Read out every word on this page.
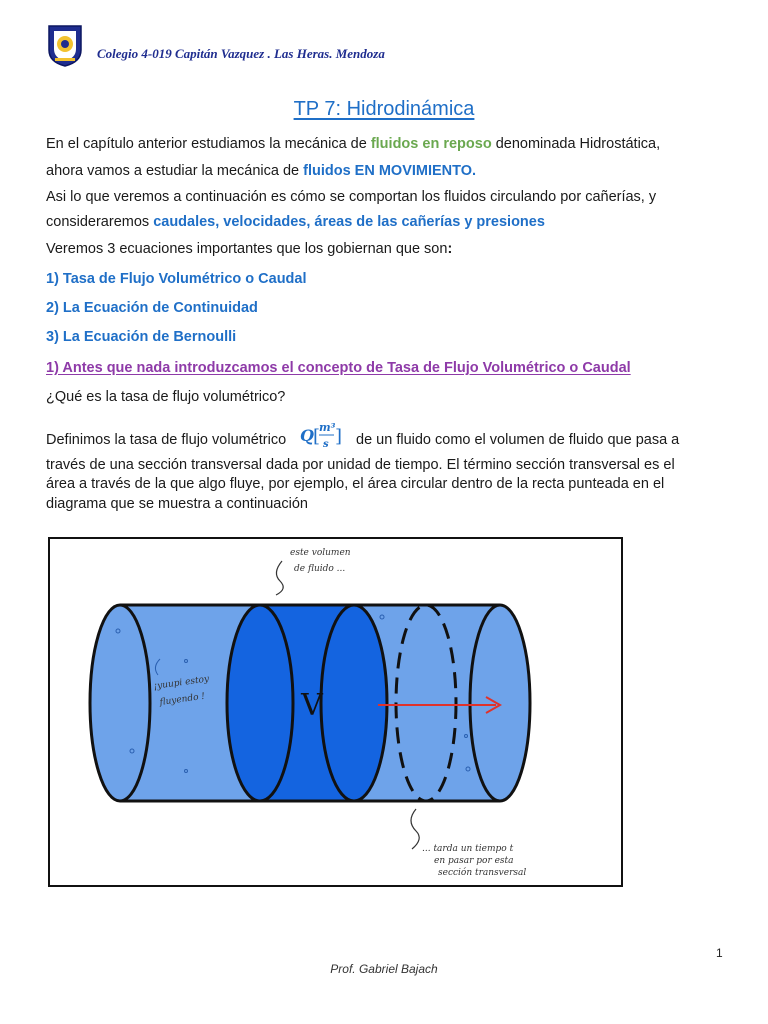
Colegio 4-019 Capitán Vazquez . Las Heras. Mendoza
TP 7: Hidrodinámica
En el capítulo anterior estudiamos la mecánica de fluidos en reposo denominada Hidrostática,
ahora vamos a estudiar la mecánica de fluidos EN MOVIMIENTO.
Asi lo que veremos a continuación es cómo se comportan los fluidos circulando por cañerías, y
consideraremos caudales, velocidades, áreas de las cañerías y presiones
Veremos 3 ecuaciones importantes que los gobiernan que son:
1) Tasa de Flujo Volumétrico o Caudal
2) La Ecuación de Continuidad
3) La Ecuación de Bernoulli
1) Antes que nada introduzcamos el concepto de Tasa de Flujo Volumétrico o Caudal
¿Qué es la tasa de flujo volumétrico?
Definimos la tasa de flujo volumétrico Q [
m³
s ] de un fluido como el volumen de fluido que pasa a
través de una sección transversal dada por unidad de tiempo. El término sección transversal es el
área a través de la que algo fluye, por ejemplo, el área circular dentro de la recta punteada en el
diagrama que se muestra a continuación
V
este volumen
de fluido ...
¡yuupi estoy
fluyendo !
... tarda un tiempo t
en pasar por esta
sección transversal
1
Prof. Gabriel Bajach
